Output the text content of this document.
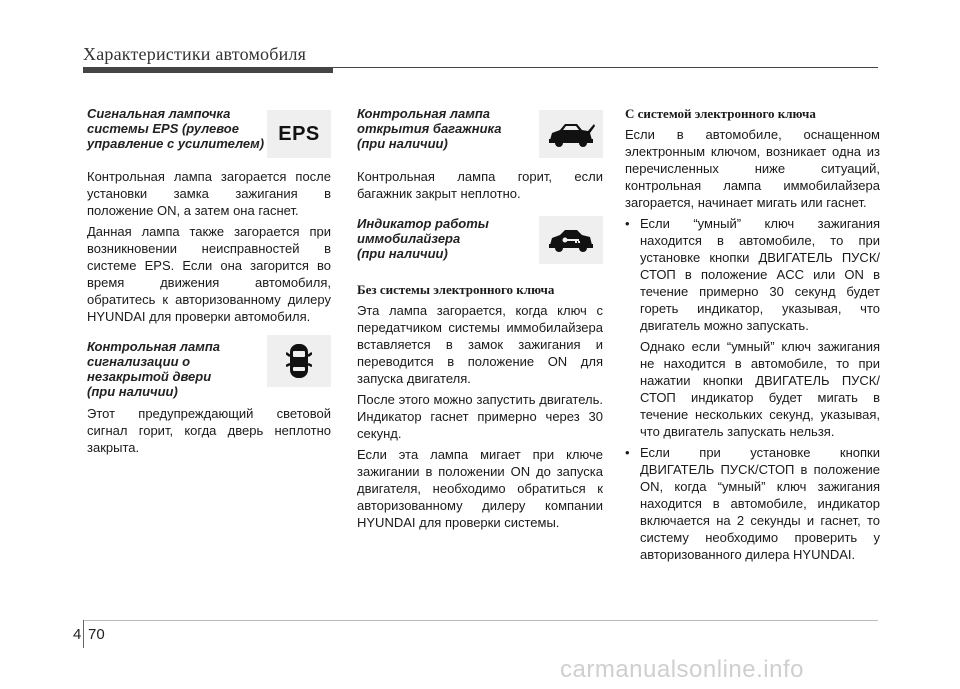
Характеристики автомобиля

Сигнальная лампочка

системы EPS (рулевое

управление с усилителем) EPS

Контрольная лампа загорается после установки замка зажигания в положение ON, а затем она гаснет.

Данная лампа также загорается при возникновении неисправностей в системе EPS. Если она загорится во время движения автомобиля, обратитесь к авторизованному дилеру HYUNDAI для проверки автомобиля.

Контрольная лампа

сигнализации о

незакрытой двери

(при наличии)

Этот предупреждающий световой сигнал горит, когда дверь неплотно закрыта.

Контрольная лампа

открытия багажника

(при наличии)

Контрольная лампа горит, если багажник закрыт неплотно.

Индикатор работы

иммобилайзера

(при наличии)

Без системы электронного ключа

Эта лампа загорается, когда ключ с передатчиком системы иммобилайзера вставляется в замок зажигания и переводится в положение ON для запуска двигателя.

После этого можно запустить двигатель. Индикатор гаснет примерно через 30 секунд.

Если эта лампа мигает при ключе зажигании в положении ON до запуска двигателя, необходимо обратиться к авторизованному дилеру компании HYUNDAI для проверки системы.

С системой электронного ключа

Если в автомобиле, оснащенном электронным ключом, возникает одна из перечисленных ниже ситуаций, контрольная лампа иммобилайзера загорается, начинает мигать или гаснет.

• Если “умный” ключ зажигания находится в автомобиле, то при установке кнопки ДВИГАТЕЛЬ ПУСК/СТОП в положение ACC или ON в течение примерно 30 секунд будет гореть индикатор, указывая, что двигатель можно запускать.

Однако если “умный” ключ зажигания не находится в автомобиле, то при нажатии кнопки ДВИГАТЕЛЬ ПУСК/СТОП индикатор будет мигать в течение нескольких секунд, указывая, что двигатель запускать нельзя.

• Если при установке кнопки ДВИГАТЕЛЬ ПУСК/СТОП в положение ON, когда “умный” ключ зажигания находится в автомобиле, индикатор включается на 2 секунды и гаснет, то систему необходимо проверить у авторизованного дилера HYUNDAI.
4 70
carmanualsonline.info
